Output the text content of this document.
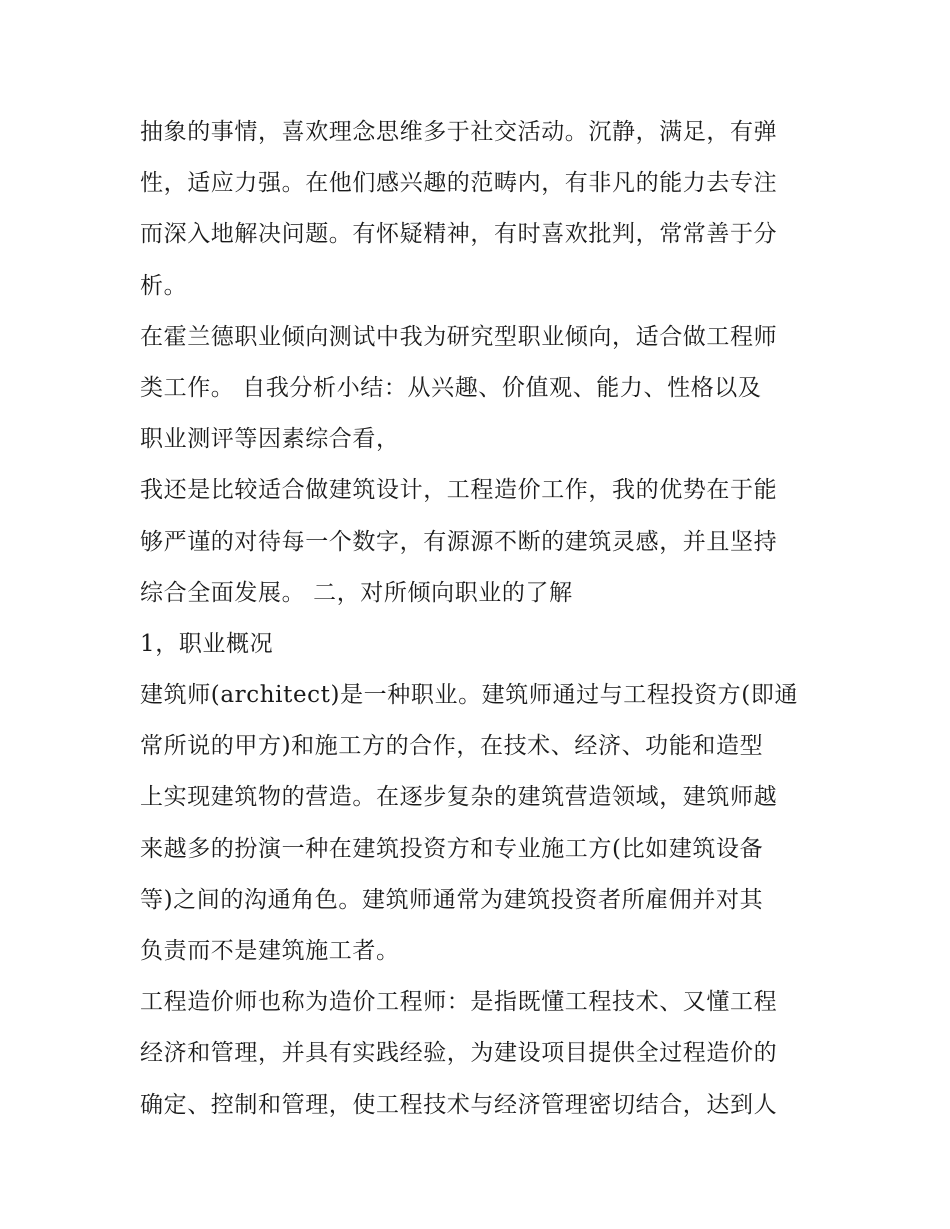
抽象的事情，喜欢理念思维多于社交活动。沉静，满足，有弹
性，适应力强。在他们感兴趣的范畴内，有非凡的能力去专注
而深入地解决问题。有怀疑精神，有时喜欢批判，常常善于分
析。
在霍兰德职业倾向测试中我为研究型职业倾向，适合做工程师
类工作。 自我分析小结：从兴趣、价值观、能力、性格以及
职业测评等因素综合看，
我还是比较适合做建筑设计，工程造价工作，我的优势在于能
够严谨的对待每一个数字，有源源不断的建筑灵感，并且坚持
综合全面发展。 二，对所倾向职业的了解
1，职业概况
建筑师(architect)是一种职业。建筑师通过与工程投资方(即通
常所说的甲方)和施工方的合作，在技术、经济、功能和造型
上实现建筑物的营造。在逐步复杂的建筑营造领域，建筑师越
来越多的扮演一种在建筑投资方和专业施工方(比如建筑设备
等)之间的沟通角色。建筑师通常为建筑投资者所雇佣并对其
负责而不是建筑施工者。
工程造价师也称为造价工程师：是指既懂工程技术、又懂工程
经济和管理，并具有实践经验，为建设项目提供全过程造价的
确定、控制和管理，使工程技术与经济管理密切结合，达到人
